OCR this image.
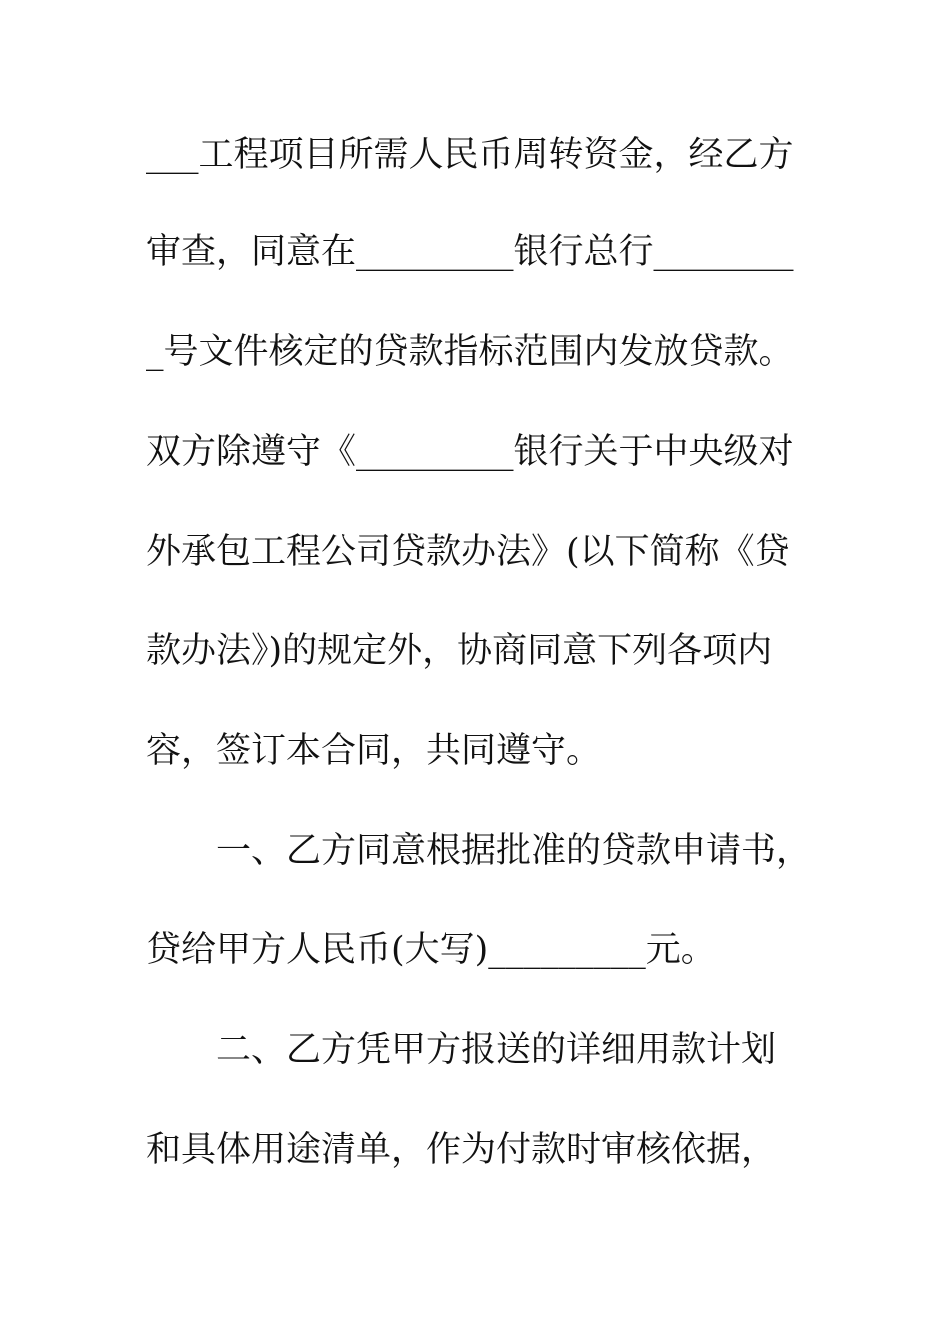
___工程项目所需人民币周转资金，经乙方
审查，同意在_________银行总行________
_号文件核定的贷款指标范围内发放贷款。
双方除遵守《_________银行关于中央级对
外承包工程公司贷款办法》(以下简称《贷
款办法》)的规定外，协商同意下列各项内
容，签订本合同，共同遵守。
一、乙方同意根据批准的贷款申请书，
贷给甲方人民币(大写)_________元。
二、乙方凭甲方报送的详细用款计划
和具体用途清单，作为付款时审核依据，
